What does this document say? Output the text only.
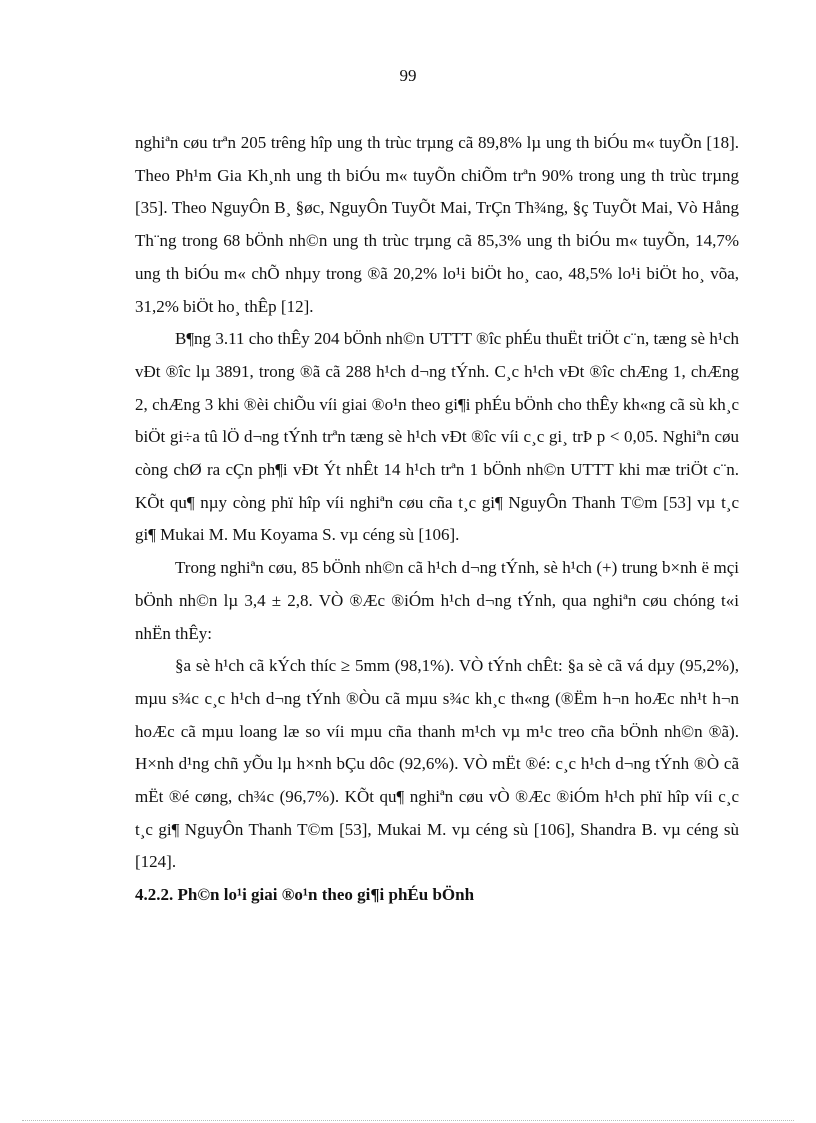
99

nghiªn cøu trªn 205 trêng hîp ung th trùc trµng cã 89,8% lµ ung th biÓu m« tuyÕn [18]. Theo Ph¹m Gia Kh¸nh ung th biÓu m« tuyÕn chiÕm trªn 90% trong ung th trùc trµng [35]. Theo NguyÔn B¸ §øc, NguyÔn TuyÕt Mai, TrÇn Th¾ng, §ç TuyÕt Mai, Vò Hång Th¨ng trong 68 bÖnh nh©n ung th trùc trµng cã 85,3% ung th biÓu m« tuyÕn, 14,7% ung th biÓu m« chÕ nhµy trong ®ã 20,2% lo¹i biÖt ho¸ cao, 48,5% lo¹i biÖt ho¸ võa, 31,2% biÖt ho¸ thÊp [12].

B¶ng 3.11 cho thÊy 204 bÖnh nh©n UTTT ®îc phÉu thuËt triÖt c¨n, tæng sè h¹ch vÐt ®îc lµ 3891, trong ®ã cã 288 h¹ch d¬ng tÝnh. C¸c h¹ch vÐt ®îc chÆng 1, chÆng 2, chÆng 3 khi ®èi chiÕu víi giai ®o¹n theo gi¶i phÉu bÖnh cho thÊy kh«ng cã sù kh¸c biÖt gi÷a tû lÖ d¬ng tÝnh trªn tæng sè h¹ch vÐt ®îc víi c¸c gi¸ trÞ p < 0,05. Nghiªn cøu còng chØ ra cÇn ph¶i vÐt Ýt nhÊt 14 h¹ch trªn 1 bÖnh nh©n UTTT khi mæ triÖt c¨n. KÕt qu¶ nµy còng phï hîp víi nghiªn cøu cña t¸c gi¶ NguyÔn Thanh T©m [53] vµ t¸c gi¶ Mukai M. Mu Koyama S. vµ céng sù [106].

Trong nghiªn cøu, 85 bÖnh nh©n cã h¹ch d¬ng tÝnh, sè h¹ch (+) trung b×nh ë mçi bÖnh nh©n lµ 3,4 ± 2,8. VÒ ®Æc ®iÓm h¹ch d¬ng tÝnh, qua nghiªn cøu chóng t«i nhËn thÊy:

§a sè h¹ch cã kÝch thíc ≥ 5mm (98,1%). VÒ tÝnh chÊt: §a sè cã vá dµy (95,2%), mµu s¾c c¸c h¹ch d¬ng tÝnh ®Òu cã mµu s¾c kh¸c th«ng (®Ëm h¬n hoÆc nh¹t h¬n hoÆc cã mµu loang læ so víi mµu cña thanh m¹ch vµ m¹c treo cña bÖnh nh©n ®ã). H×nh d¹ng chñ yÕu lµ h×nh bÇu dôc (92,6%). VÒ mËt ®é: c¸c h¹ch d¬ng tÝnh ®Ò cã mËt ®é cøng, ch¾c (96,7%). KÕt qu¶ nghiªn cøu vÒ ®Æc ®iÓm h¹ch phï hîp víi c¸c t¸c gi¶ NguyÔn Thanh T©m [53], Mukai M. vµ céng sù [106], Shandra B. vµ céng sù [124].

4.2.2. Ph©n lo¹i giai ®o¹n theo gi¶i phÉu bÖnh
